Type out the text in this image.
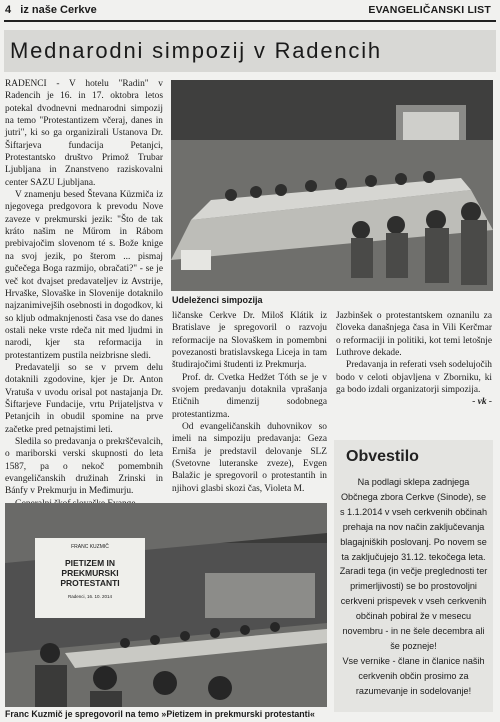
4 iz naše Cerkve	EVANGELIČANSKI LIST
Mednarodni simpozij v Radencih

RADENCI - V hotelu "Radin" v Radencih je 16. in 17. oktobra letos potekal dvodnevni mednarodni simpozij na temo "Protestantizem včeraj, danes in jutri", ki so ga organizirali Ustanova Dr. Šiftarjeva fundacija Petanjci, Protestantsko društvo Primož Trubar Ljubljana in Znanstveno raziskovalni center SAZU Ljubljana.

V znamenju besed Števana Küzmiča iz njegovega predgovora k prevodu Nove zaveze v prekmurski jezik: "Što de tak kráto našim ne Műrom in Rábom prebivajočim slovenom té s. Bože knige na svoj jezik, po šterom ... pismaj gučečega Boga razmijo, obračati?" - se je več kot dvajset predavateljev iz Avstrije, Hrvaške, Slovaške in Slovenije dotaknilo najzanimivejših osebnosti in dogodkov, ki so kljub odmaknjenosti časa vse do danes ostali neke vrste rdeča nit med ljudmi in narodi, kjer sta reformacija in protestantizem pustila neizbrisne sledi.

Predavatelji so se v prvem delu dotaknili zgodovine, kjer je Dr. Anton Vratuša v uvodu orisal pot nastajanja Dr. Šiftarjeve Fundacije, vrtu Prijateljstva v Petanjcih in obudil spomine na prve začetke pred petnajstimi leti.

Sledila so predavanja o prekrščevalcih, o mariborski verski skupnosti do leta 1587, pa o nekoč pomembnih evangeličanskih družinah Zrinski in Bánfy v Prekmurju in Međimurju.

Udeleženci simpozija

ličanske Cerkve Dr. Miloš Klátik iz Bratislave je spregovoril o razvoju reformacije na Slovaškem in pomembni povezanosti bratislavskega Liceja in tam študirajočimi študenti iz Prekmurja.

Prof. dr. Cvetka Hedžet Tóth se je v svojem predavanju dotaknila vprašanja Etičnih dimenzij sodobnega protestantizma.

Od evangeličanskih duhovnikov so imeli na simpoziju predavanja: Geza Erniša je predstavil delovanje SLZ (Svetovne luteranske zveze), Evgen Balažic je spregovoril o protestantih in njihovi glasbi skozi čas, Violeta M.

Jazbinšek o protestantskem oznanilu za človeka današnjega časa in Vili Kerčmar o reformaciji in politiki, kot temi letošnje Luthrove dekade.

Predavanja in referati vseh sodelujočih bodo v celoti objavljena v Zborniku, ki ga bodo izdali organizatorji simpozija.

- vk -

Obvestilo

Na podlagi sklepa zadnjega Občnega zbora Cerkve (Sinode), se s 1.1.2014 v vseh cerkvenih občinah prehaja na nov način zaključevanja blagajniških poslovanj. Po novem se ta zaključujejo 31.12. tekočega leta.

Zaradi tega (in večje preglednosti ter primerljivosti) se bo prostovoljni cerkveni prispevek v vseh cerkvenih občinah pobiral že v mesecu novembru - in ne šele decembra ali še pozneje!

Vse vernike - člane in članice naših cerkvenih občin prosimo za razumevanje in sodelovanje!

FRANC KUZMIČ
PIETIZEM IN PREKMURSKI PROTESTANTI
Radenci, 16. 10. 2014
Franc Kuzmič je spregovoril na temo »Pietizem in prekmurski protestanti«
